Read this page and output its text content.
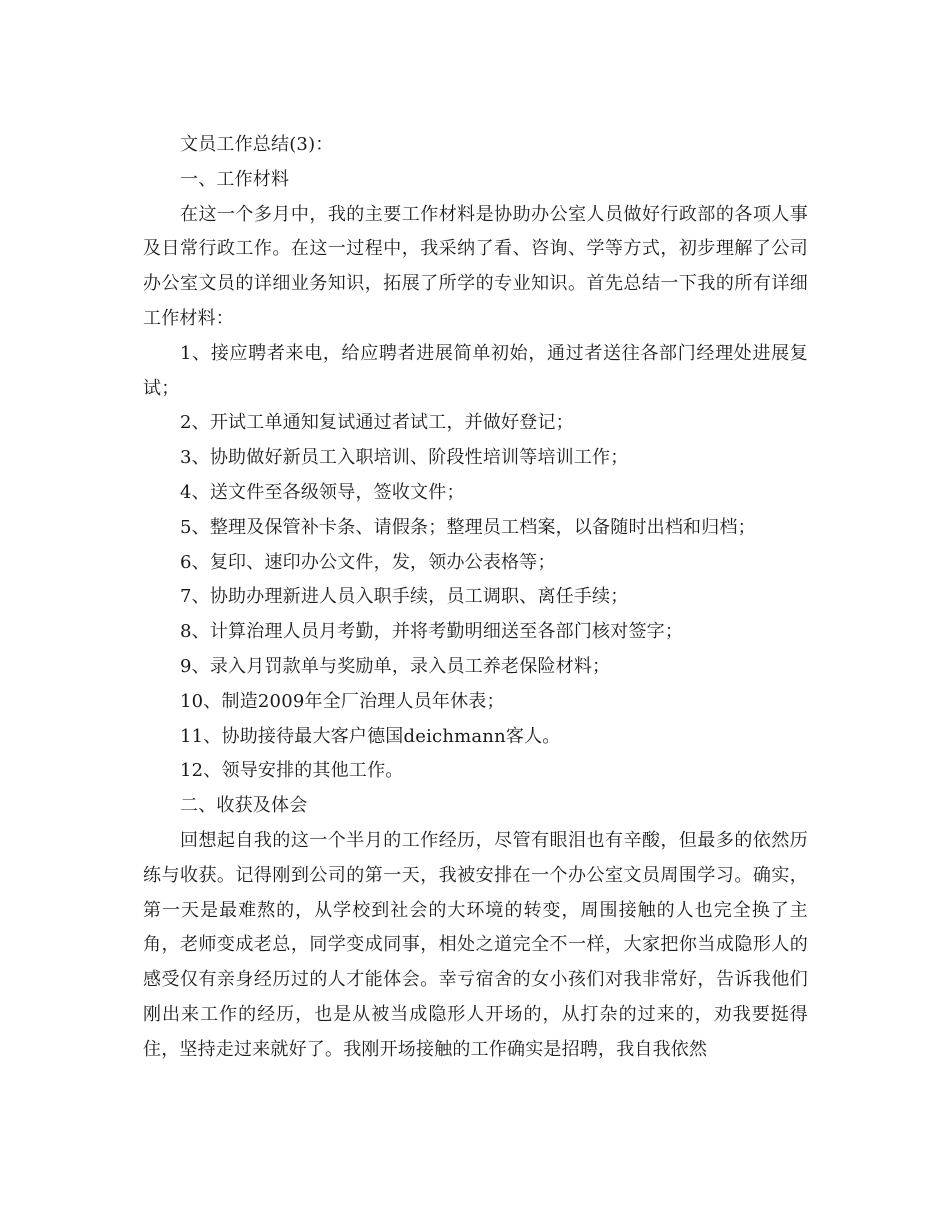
文员工作总结(3)：

一、工作材料

在这一个多月中，我的主要工作材料是协助办公室人员做好行政部的各项人事及日常行政工作。在这一过程中，我采纳了看、咨询、学等方式，初步理解了公司办公室文员的详细业务知识，拓展了所学的专业知识。首先总结一下我的所有详细工作材料：

1、接应聘者来电，给应聘者进展简单初始，通过者送往各部门经理处进展复试；

2、开试工单通知复试通过者试工，并做好登记；

3、协助做好新员工入职培训、阶段性培训等培训工作；

4、送文件至各级领导，签收文件；

5、整理及保管补卡条、请假条；整理员工档案，以备随时出档和归档；

6、复印、速印办公文件，发，领办公表格等；

7、协助办理新进人员入职手续，员工调职、离任手续；

8、计算治理人员月考勤，并将考勤明细送至各部门核对签字；

9、录入月罚款单与奖励单，录入员工养老保险材料；

10、制造2009年全厂治理人员年休表；

11、协助接待最大客户德国deichmann客人。

12、领导安排的其他工作。

二、收获及体会

回想起自我的这一个半月的工作经历，尽管有眼泪也有辛酸，但最多的依然历练与收获。记得刚到公司的第一天，我被安排在一个办公室文员周围学习。确实，第一天是最难熬的，从学校到社会的大环境的转变，周围接触的人也完全换了主角，老师变成老总，同学变成同事，相处之道完全不一样，大家把你当成隐形人的感受仅有亲身经历过的人才能体会。幸亏宿舍的女小孩们对我非常好，告诉我他们刚出来工作的经历，也是从被当成隐形人开场的，从打杂的过来的，劝我要挺得住，坚持走过来就好了。我刚开场接触的工作确实是招聘，我自我依然
